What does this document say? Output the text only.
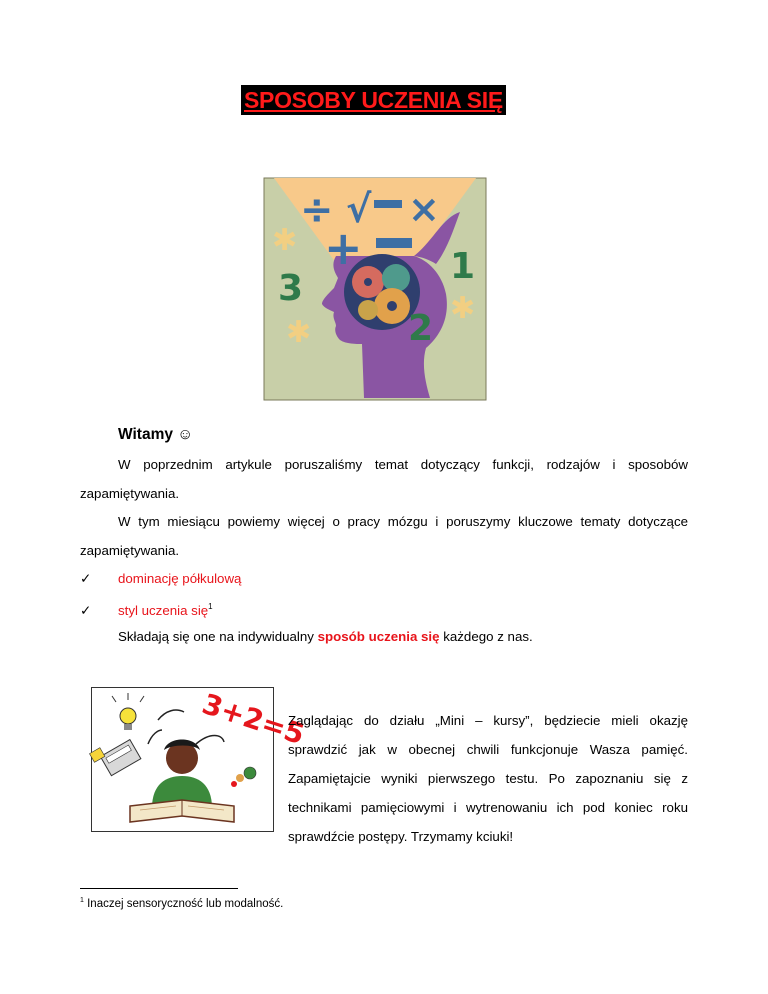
SPOSOBY UCZENIA SIĘ
÷ √ ×
+
3
1
2
✱
✱
✱
Witamy ☺
W poprzednim artykule poruszaliśmy temat dotyczący funkcji, rodzajów i sposobów zapamiętywania.
W tym miesiącu powiemy więcej o pracy mózgu i poruszymy kluczowe tematy dotyczące zapamiętywania.
✓ dominację półkulową
✓ styl uczenia się$^1$
Składają się one na indywidualny sposób uczenia się każdego z nas.
3+2=5
Zaglądając do działu „Mini – kursy”, będziecie mieli okazję sprawdzić jak w obecnej chwili funkcjonuje Wasza pamięć. Zapamiętajcie wyniki pierwszego testu. Po zapoznaniu się z technikami pamięciowymi i wytrenowaniu ich pod koniec roku sprawdźcie postępy. Trzymamy kciuki!
$^1$ Inaczej sensoryczność lub modalność.
